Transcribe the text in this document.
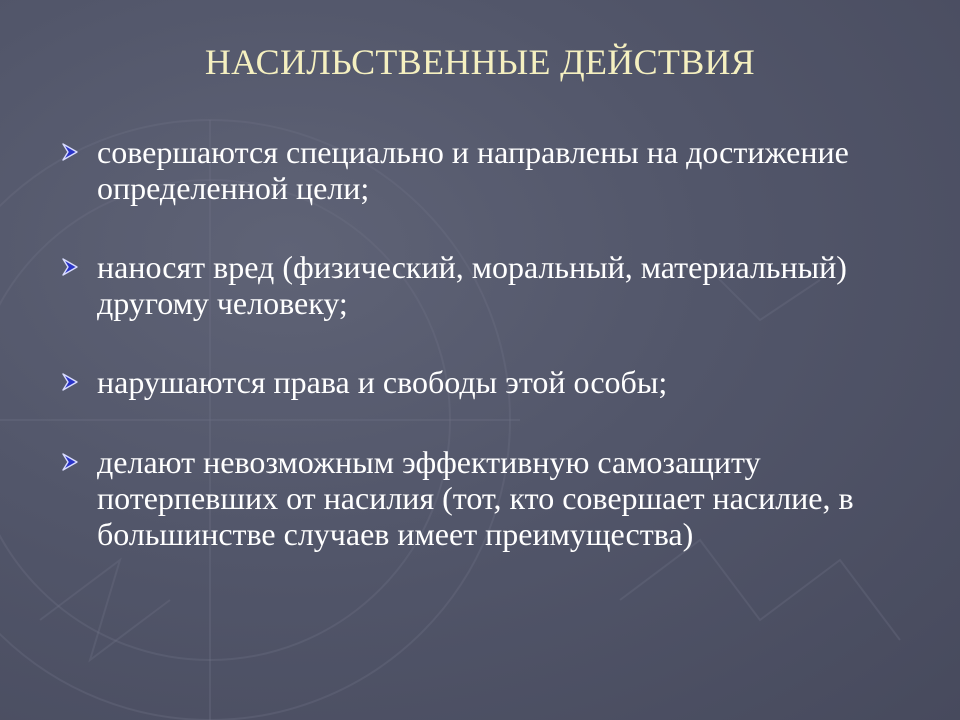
НАСИЛЬСТВЕННЫЕ ДЕЙСТВИЯ
совершаются специально и направлены на достижение определенной цели;
наносят вред (физический, моральный, материальный) другому человеку;
нарушаются права и свободы этой особы;
делают невозможным эффективную самозащиту потерпевших от насилия (тот, кто совершает насилие, в большинстве случаев имеет преимущества)
